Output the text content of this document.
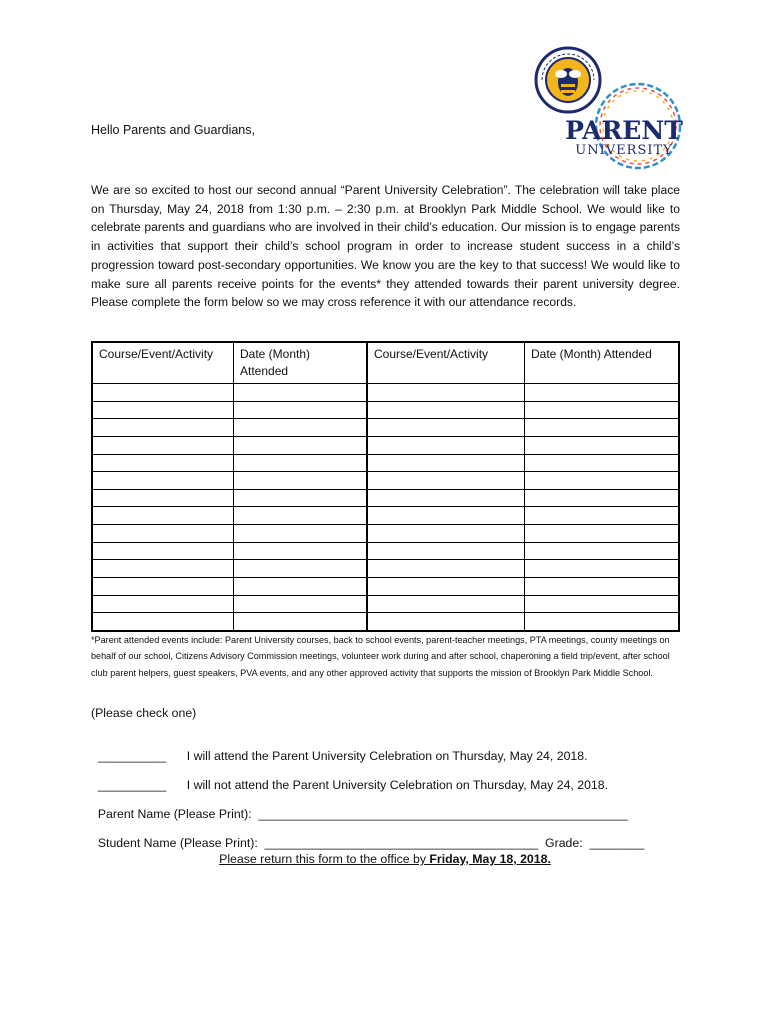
PARENT
UNIVERSITY
Hello Parents and Guardians,
We are so excited to host our second annual “Parent University Celebration”. The celebration will take place on Thursday, May 24, 2018 from 1:30 p.m. – 2:30 p.m. at Brooklyn Park Middle School. We would like to celebrate parents and guardians who are involved in their child’s education. Our mission is to engage parents in activities that support their child’s school program in order to increase student success in a child’s progression toward post-secondary opportunities. We know you are the key to that success! We would like to make sure all parents receive points for the events* they attended towards their parent university degree. Please complete the form below so we may cross reference it with our attendance records.
Course/Event/Activity	Date (Month) Attended	Course/Event/Activity	Date (Month) Attended

*Parent attended events include: Parent University courses, back to school events, parent-teacher meetings, PTA meetings, county meetings on behalf of our school, Citizens Advisory Commission meetings, volunteer work during and after school, chaperoning a field trip/event, after school club parent helpers, guest speakers, PVA events, and any other approved activity that supports the mission of Brooklyn Park Middle School.
(Please check one)

__________ I will attend the Parent University Celebration on Thursday, May 24, 2018.

__________ I will not attend the Parent University Celebration on Thursday, May 24, 2018.

Parent Name (Please Print): ______________________________________________________

Student Name (Please Print): ________________________________________ Grade: ________

Please return this form to the office by Friday, May 18, 2018.
